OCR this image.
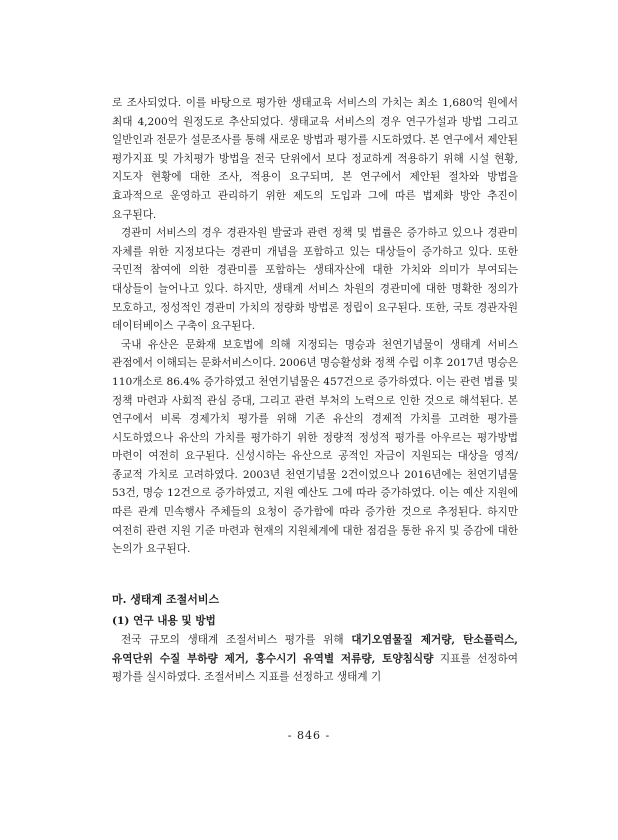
로 조사되었다. 이를 바탕으로 평가한 생태교육 서비스의 가치는 최소 1,680억 원에서 최대 4,200억 원정도로 추산되었다. 생태교육 서비스의 경우 연구가설과 방법 그리고 일반인과 전문가 설문조사를 통해 새로운 방법과 평가를 시도하였다. 본 연구에서 제안된 평가지표 및 가치평가 방법을 전국 단위에서 보다 정교하게 적용하기 위해 시설 현황, 지도자 현황에 대한 조사, 적용이 요구되며, 본 연구에서 제안된 절차와 방법을 효과적으로 운영하고 관리하기 위한 제도의 도입과 그에 따른 법제화 방안 추진이 요구된다.

경관미 서비스의 경우 경관자원 발굴과 관련 정책 및 법률은 증가하고 있으나 경관미 자체를 위한 지정보다는 경관미 개념을 포함하고 있는 대상들이 증가하고 있다. 또한 국민적 참여에 의한 경관미를 포함하는 생태자산에 대한 가치와 의미가 부여되는 대상들이 늘어나고 있다. 하지만, 생태계 서비스 차원의 경관미에 대한 명확한 정의가 모호하고, 정성적인 경관미 가치의 정량화 방법론 정립이 요구된다. 또한, 국토 경관자원 데이터베이스 구축이 요구된다.

국내 유산은 문화재 보호법에 의해 지정되는 명승과 천연기념물이 생태계 서비스 관점에서 이해되는 문화서비스이다. 2006년 명승활성화 정책 수립 이후 2017년 명승은 110개소로 86.4% 증가하였고 천연기념물은 457건으로 증가하였다. 이는 관련 법률 및 정책 마련과 사회적 관심 증대, 그리고 관련 부처의 노력으로 인한 것으로 해석된다. 본 연구에서 비록 경제가치 평가를 위해 기존 유산의 경제적 가치를 고려한 평가를 시도하였으나 유산의 가치를 평가하기 위한 정량적 정성적 평가를 아우르는 평가방법 마련이 여전히 요구된다. 신성시하는 유산으로 공적인 자금이 지원되는 대상을 영적/종교적 가치로 고려하였다. 2003년 천연기념물 2건이었으나 2016년에는 천연기념물 53건, 명승 12건으로 증가하였고, 지원 예산도 그에 따라 증가하였다. 이는 예산 지원에 따른 관계 민속행사 주체들의 요청이 증가함에 따라 증가한 것으로 추정된다. 하지만 여전히 관련 지원 기준 마련과 현재의 지원체계에 대한 점검을 통한 유지 및 증감에 대한 논의가 요구된다.

마. 생태계 조절서비스
(1) 연구 내용 및 방법

전국 규모의 생태계 조절서비스 평가를 위해 대기오염물질 제거량, 탄소플럭스, 유역단위 수질 부하량 제거, 홍수시기 유역별 저류량, 토양침식량 지표를 선정하여 평가를 실시하였다. 조절서비스 지표를 선정하고 생태계 기

- 846 -
